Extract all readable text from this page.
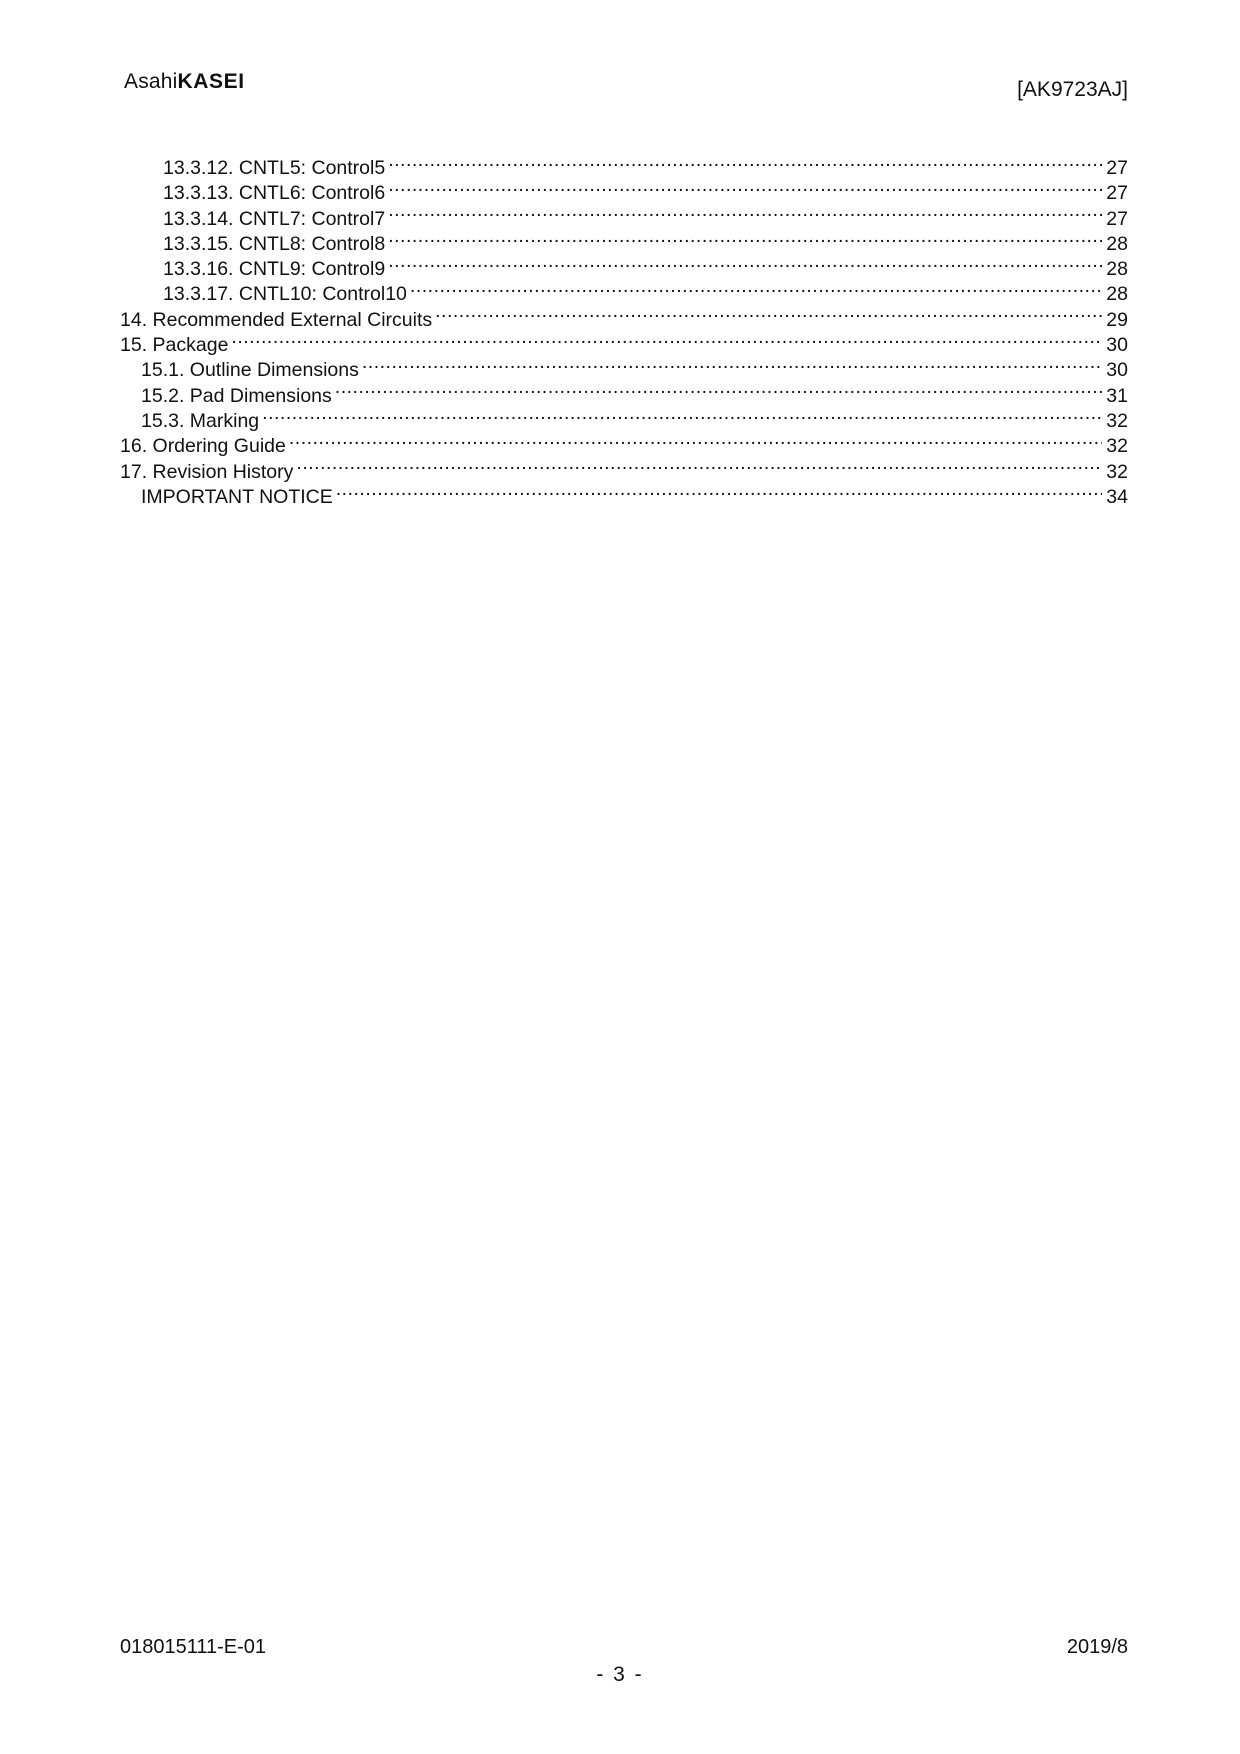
AsahiKASEI	[AK9723AJ]
13.3.12. CNTL5: Control5 .....	27
13.3.13. CNTL6: Control6 .....	27
13.3.14. CNTL7: Control7 .....	27
13.3.15. CNTL8: Control8 .....	28
13.3.16. CNTL9: Control9 .....	28
13.3.17. CNTL10: Control10 .....	28
14. Recommended External Circuits .....	29
15. Package .....	30
15.1. Outline Dimensions .....	30
15.2. Pad Dimensions .....	31
15.3. Marking .....	32
16. Ordering Guide .....	32
17. Revision History .....	32
IMPORTANT NOTICE .....	34
018015111-E-01	2019/8
- 3 -
